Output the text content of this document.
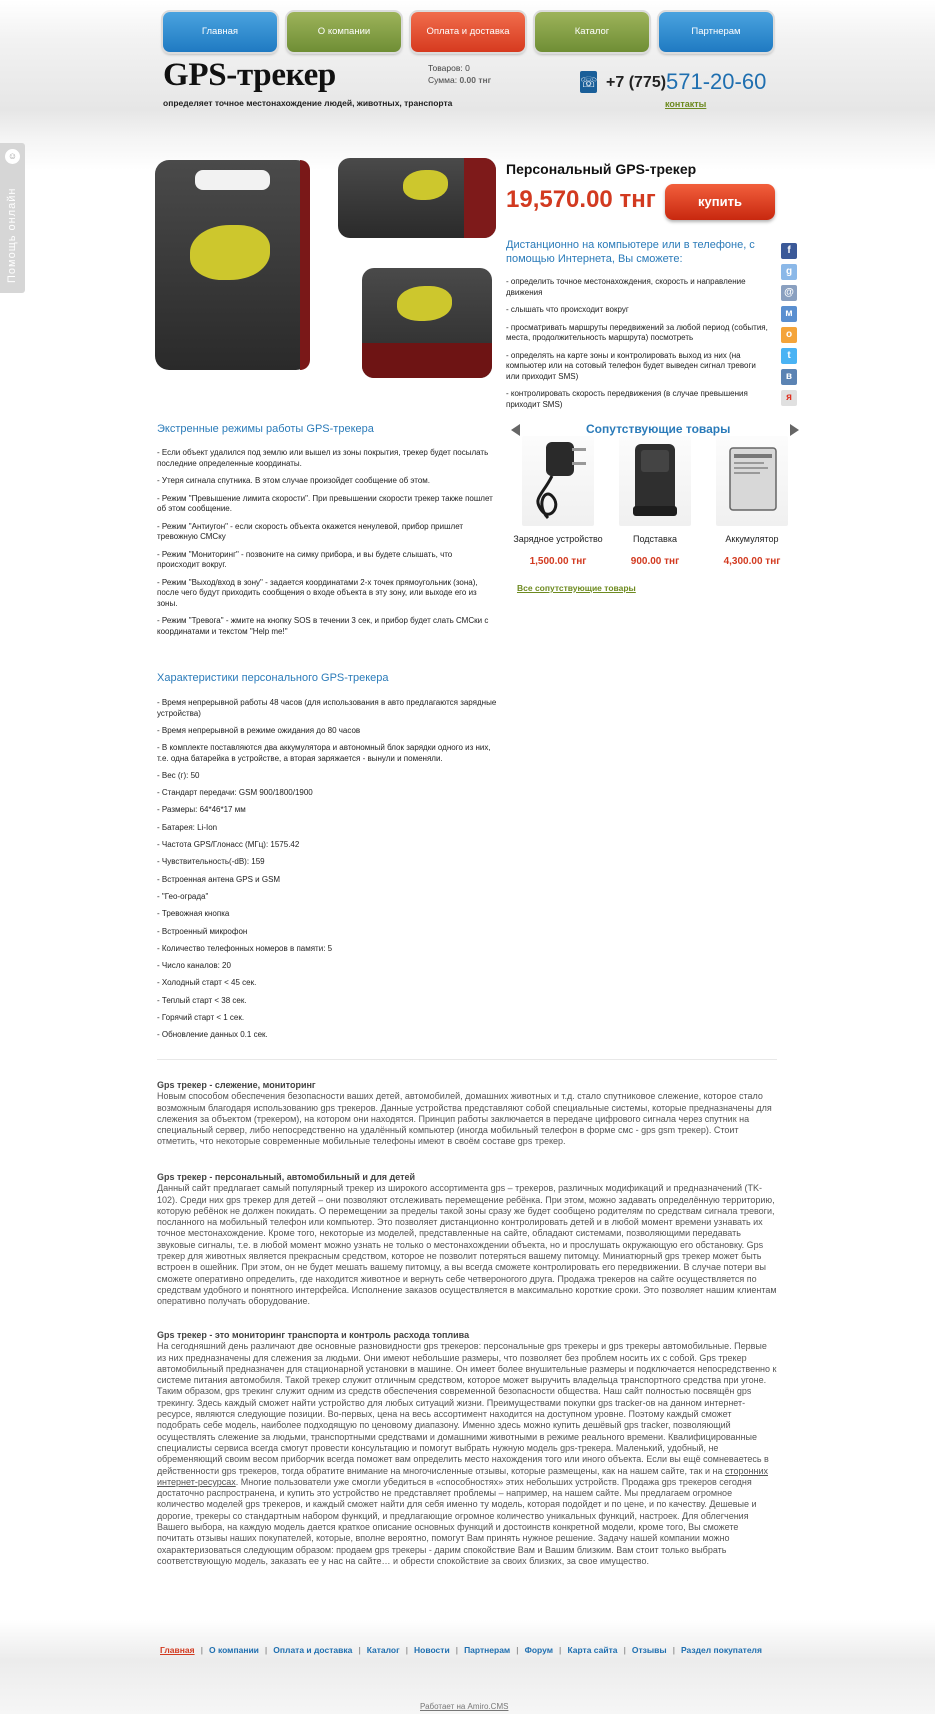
Главная	О компании	Оплата и доставка	Каталог	Партнерам
GPS-трекер
определяет точное местонахождение людей, животных, транспорта
Товаров: 0
Сумма: 0.00 тнг	☏ +7 (775) 571-20-60
контакты
☺
Помощь онлайн
Персональный GPS-трекер
19,570.00 тнг	купить
Дистанционно на компьютере или в телефоне, с помощью Интернета, Вы сможете:
- определить точное местонахождения, скорость и направление движения
- слышать что происходит вокруг
- просматривать маршруты передвижений за любой период (события, места, продолжительность маршрута) посмотреть
- определять на карте зоны и контролировать выход из них (на компьютер или на сотовый телефон будет выведен сигнал тревоги или приходит SMS)
- контролировать скорость передвижения (в случае превышения приходит SMS)
f
g
@
м
о
t
в
я
Экстренные режимы работы GPS-трекера
- Если объект удалился под землю или вышел из зоны покрытия, трекер будет посылать последние определенные координаты.
- Утеря сигнала спутника. В этом случае произойдет сообщение об этом.
- Режим "Превышение лимита скорости". При превышении скорости трекер также пошлет об этом сообщение.
- Режим "Антиугон" - если скорость объекта окажется ненулевой, прибор пришлет тревожную СМСку
- Режим "Мониторинг" - позвоните на симку прибора, и вы будете слышать, что происходит вокруг.
- Режим "Выход/вход в зону" - задается координатами 2-х точек прямоугольник (зона), после чего будут приходить сообщения о входе объекта в эту зону, или выходе его из зоны.
- Режим "Тревога" - жмите на кнопку SOS в течении 3 сек, и прибор будет слать СМСки с координатами и текстом "Help me!"
Сопутствующие товары
Зарядное устройство
1,500.00 тнг
Подставка
900.00 тнг
Аккумулятор
4,300.00 тнг
Все сопутствующие товары
Характеристики персонального GPS-трекера
- Время непрерывной работы 48 часов (для использования в авто предлагаются зарядные устройства)
- Время непрерывной в режиме ожидания до 80 часов
- В комплекте поставляются два аккумулятора и автономный блок зарядки одного из них, т.е. одна батарейка в устройстве, а вторая заряжается - вынули и поменяли.
- Вес (г): 50
- Стандарт передачи: GSM 900/1800/1900
- Размеры: 64*46*17 мм
- Батарея: Li-Ion
- Частота GPS/Глонасс (МГц): 1575.42
- Чувствительность(-dB): 159
- Встроенная антена GPS и GSM
- "Гео-ограда"
- Тревожная кнопка
- Встроенный микрофон
- Количество телефонных номеров в памяти: 5
- Число каналов: 20
- Холодный старт < 45 сек.
- Теплый старт < 38 сек.
- Горячий старт < 1 сек.
- Обновление данных 0.1 сек.
Gps трекер - слежение, мониторинг

Новым способом обеспечения безопасности ваших детей, автомобилей, домашних животных и т.д. стало спутниковое слежение, которое стало возможным благодаря использованию gps трекеров. Данные устройства представляют собой специальные системы, которые предназначены для слежения за объектом (трекером), на котором они находятся. Принцип работы заключается в передаче цифрового сигнала через спутник на специальный сервер, либо непосредственно на удалённый компьютер (иногда мобильный телефон в форме смс - gps gsm трекер). Стоит отметить, что некоторые современные мобильные телефоны имеют в своём составе gps трекер.

Gps трекер - персональный, автомобильный и для детей

Данный сайт предлагает самый популярный трекер из широкого ассортимента gps – трекеров, различных модификаций и предназначений (TK-102). Среди них gps трекер для детей – они позволяют отслеживать перемещение ребёнка. При этом, можно задавать определённую территорию, которую ребёнок не должен покидать. О перемещении за пределы такой зоны сразу же будет сообщено родителям по средствам сигнала тревоги, посланного на мобильный телефон или компьютер. Это позволяет дистанционно контролировать детей и в любой момент времени узнавать их точное местонахождение. Кроме того, некоторые из моделей, представленные на сайте, обладают системами, позволяющими передавать звуковые сигналы, т.е. в любой момент можно узнать не только о местонахождении объекта, но и прослушать окружающую его обстановку. Gps трекер для животных является прекрасным средством, которое не позволит потеряться вашему питомцу. Миниатюрный gps трекер может быть встроен в ошейник. При этом, он не будет мешать вашему питомцу, а вы всегда сможете контролировать его передвижении. В случае потери вы сможете оперативно определить, где находится животное и вернуть себе четвероногого друга. Продажа трекеров на сайте осуществляется по средствам удобного и понятного интерфейса. Исполнение заказов осуществляется в максимально короткие сроки. Это позволяет нашим клиентам оперативно получать оборудование.

Gps трекер - это мониторинг транспорта и контроль расхода топлива

На сегодняшний день различают две основные разновидности gps трекеров: персональные gps трекеры и gps трекеры автомобильные. Первые из них предназначены для слежения за людьми. Они имеют небольшие размеры, что позволяет без проблем носить их с собой. Gps трекер автомобильный предназначен для стационарной установки в машине. Он имеет более внушительные размеры и подключается непосредственно к системе питания автомобиля. Такой трекер служит отличным средством, которое может выручить владельца транспортного средства при угоне. Таким образом, gps трекинг служит одним из средств обеспечения современной безопасности общества. Наш сайт полностью посвящён gps трекингу. Здесь каждый сможет найти устройство для любых ситуаций жизни. Преимуществами покупки gps tracker-ов на данном интернет-ресурсе, являются следующие позиции. Во-первых, цена на весь ассортимент находится на доступном уровне. Поэтому каждый сможет подобрать себе модель, наиболее подходящую по ценовому диапазону. Именно здесь можно купить дешёвый gps tracker, позволяющий осуществлять слежение за людьми, транспортными средствами и домашними животными в режиме реального времени. Квалифицированные специалисты сервиса всегда смогут провести консультацию и помогут выбрать нужную модель gps-трекера. Маленький, удобный, не обременяющий своим весом приборчик всегда поможет вам определить место нахождения того или иного объекта. Если вы ещё сомневаетесь в действенности gps трекеров, тогда обратите внимание на многочисленные отзывы, которые размещены, как на нашем сайте, так и на сторонних интернет-ресурсах. Многие пользователи уже смогли убедиться в «способностях» этих небольших устройств. Продажа gps трекеров сегодня достаточно распространена, и купить это устройство не представляет проблемы – например, на нашем сайте. Мы предлагаем огромное количество моделей gps трекеров, и каждый сможет найти для себя именно ту модель, которая подойдет и по цене, и по качеству. Дешевые и дорогие, трекеры со стандартным набором функций, и предлагающие огромное количество уникальных функций, настроек. Для облегчения Вашего выбора, на каждую модель дается краткое описание основных функций и достоинств конкретной модели, кроме того, Вы сможете почитать отзывы наших покупателей, которые, вполне вероятно, помогут Вам принять нужное решение. Задачу нашей компании можно охарактеризоваться следующим образом: продаем gps трекеры - дарим спокойствие Вам и Вашим близким. Вам стоит только выбрать соответствующую модель, заказать ее у нас на сайте… и обрести спокойствие за своих близких, за свое имущество.

Главная | О компании | Оплата и доставка | Каталог | Новости | Партнерам | Форум | Карта сайта | Отзывы | Раздел покупателя
Работает на Amiro.CMS
